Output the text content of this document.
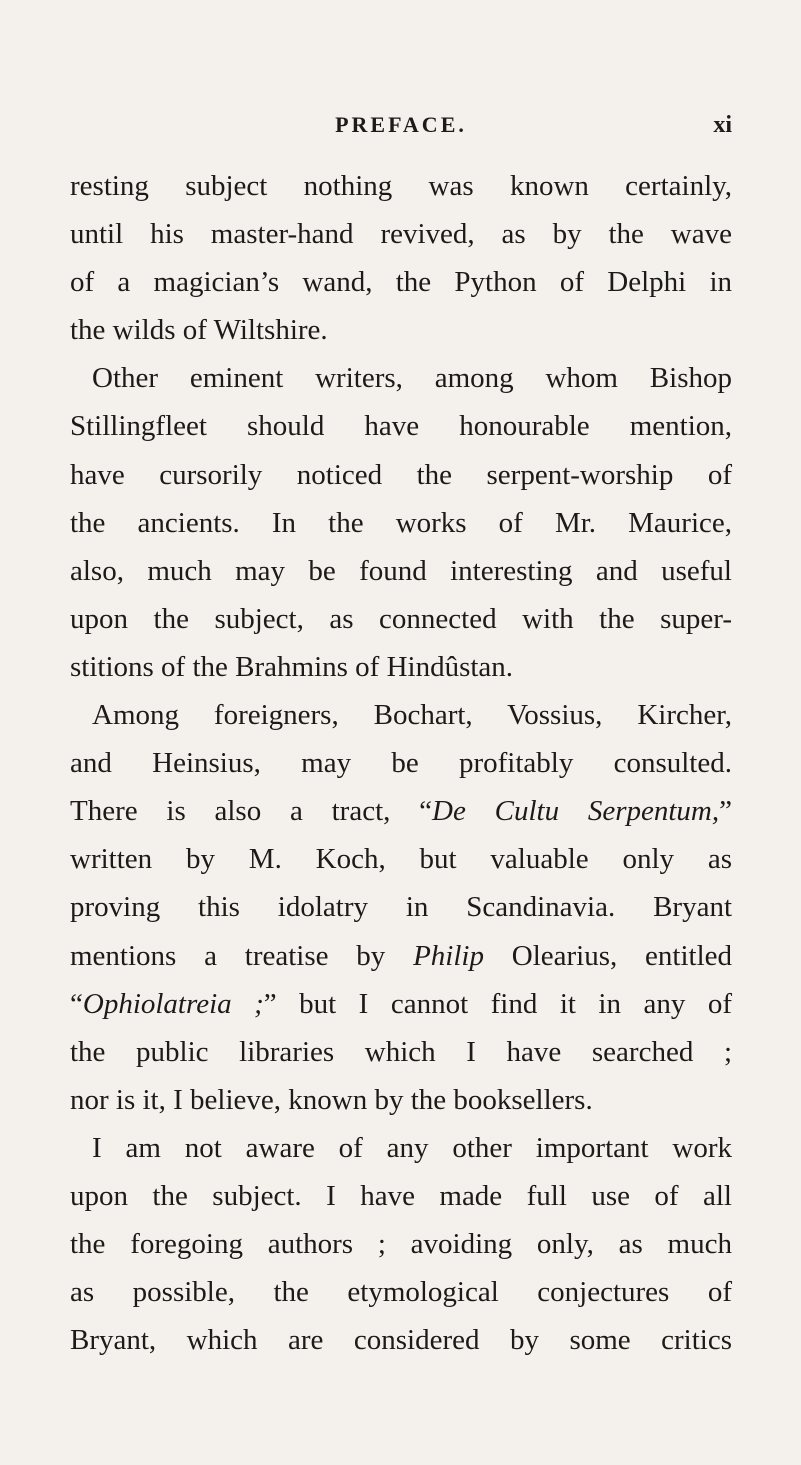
PREFACE.	xi
resting subject nothing was known certainly,
until his master-hand revived, as by the wave
of a magician’s wand, the Python of Delphi in
the wilds of Wiltshire.
Other eminent writers, among whom Bishop
Stillingfleet should have honourable mention,
have cursorily noticed the serpent-worship of
the ancients. In the works of Mr. Maurice,
also, much may be found interesting and useful
upon the subject, as connected with the super-
stitions of the Brahmins of Hindûstan.
Among foreigners, Bochart, Vossius, Kircher,
and Heinsius, may be profitably consulted.
There is also a tract, “De Cultu Serpentum,”
written by M. Koch, but valuable only as
proving this idolatry in Scandinavia. Bryant
mentions a treatise by Philip Olearius, entitled
“Ophiolatreia ;” but I cannot find it in any of
the public libraries which I have searched ;
nor is it, I believe, known by the booksellers.
I am not aware of any other important work
upon the subject. I have made full use of all
the foregoing authors ; avoiding only, as much
as possible, the etymological conjectures of
Bryant, which are considered by some critics
